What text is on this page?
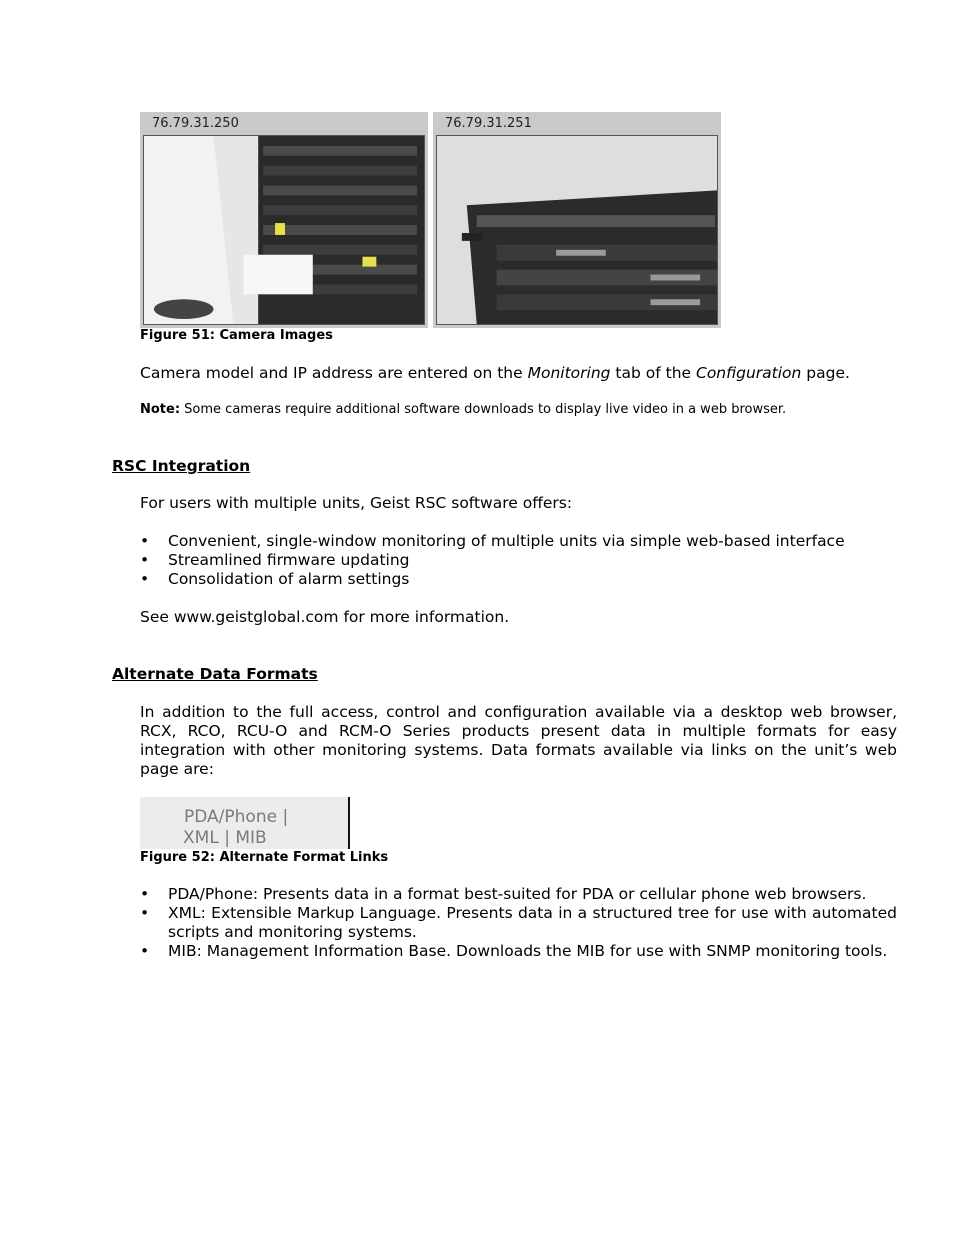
76.79.31.250	76.79.31.251
Figure 51: Camera Images

Camera model and IP address are entered on the Monitoring tab of the Configuration page.

Note: Some cameras require additional software downloads to display live video in a web browser.

RSC Integration

For users with multiple units, Geist RSC software offers:

• Convenient, single-window monitoring of multiple units via simple web-based interface
• Streamlined firmware updating
• Consolidation of alarm settings

See www.geistglobal.com for more information.

Alternate Data Formats

In addition to the full access, control and configuration available via a desktop web browser, RCX, RCO, RCU-O and RCM-O Series products present data in multiple formats for easy integration with other monitoring systems. Data formats available via links on the unit’s web page are:

PDA/Phone |
XML | MIB
Figure 52: Alternate Format Links
• PDA/Phone: Presents data in a format best-suited for PDA or cellular phone web browsers.
• XML: Extensible Markup Language. Presents data in a structured tree for use with automated scripts and monitoring systems.
• MIB: Management Information Base. Downloads the MIB for use with SNMP monitoring tools.
